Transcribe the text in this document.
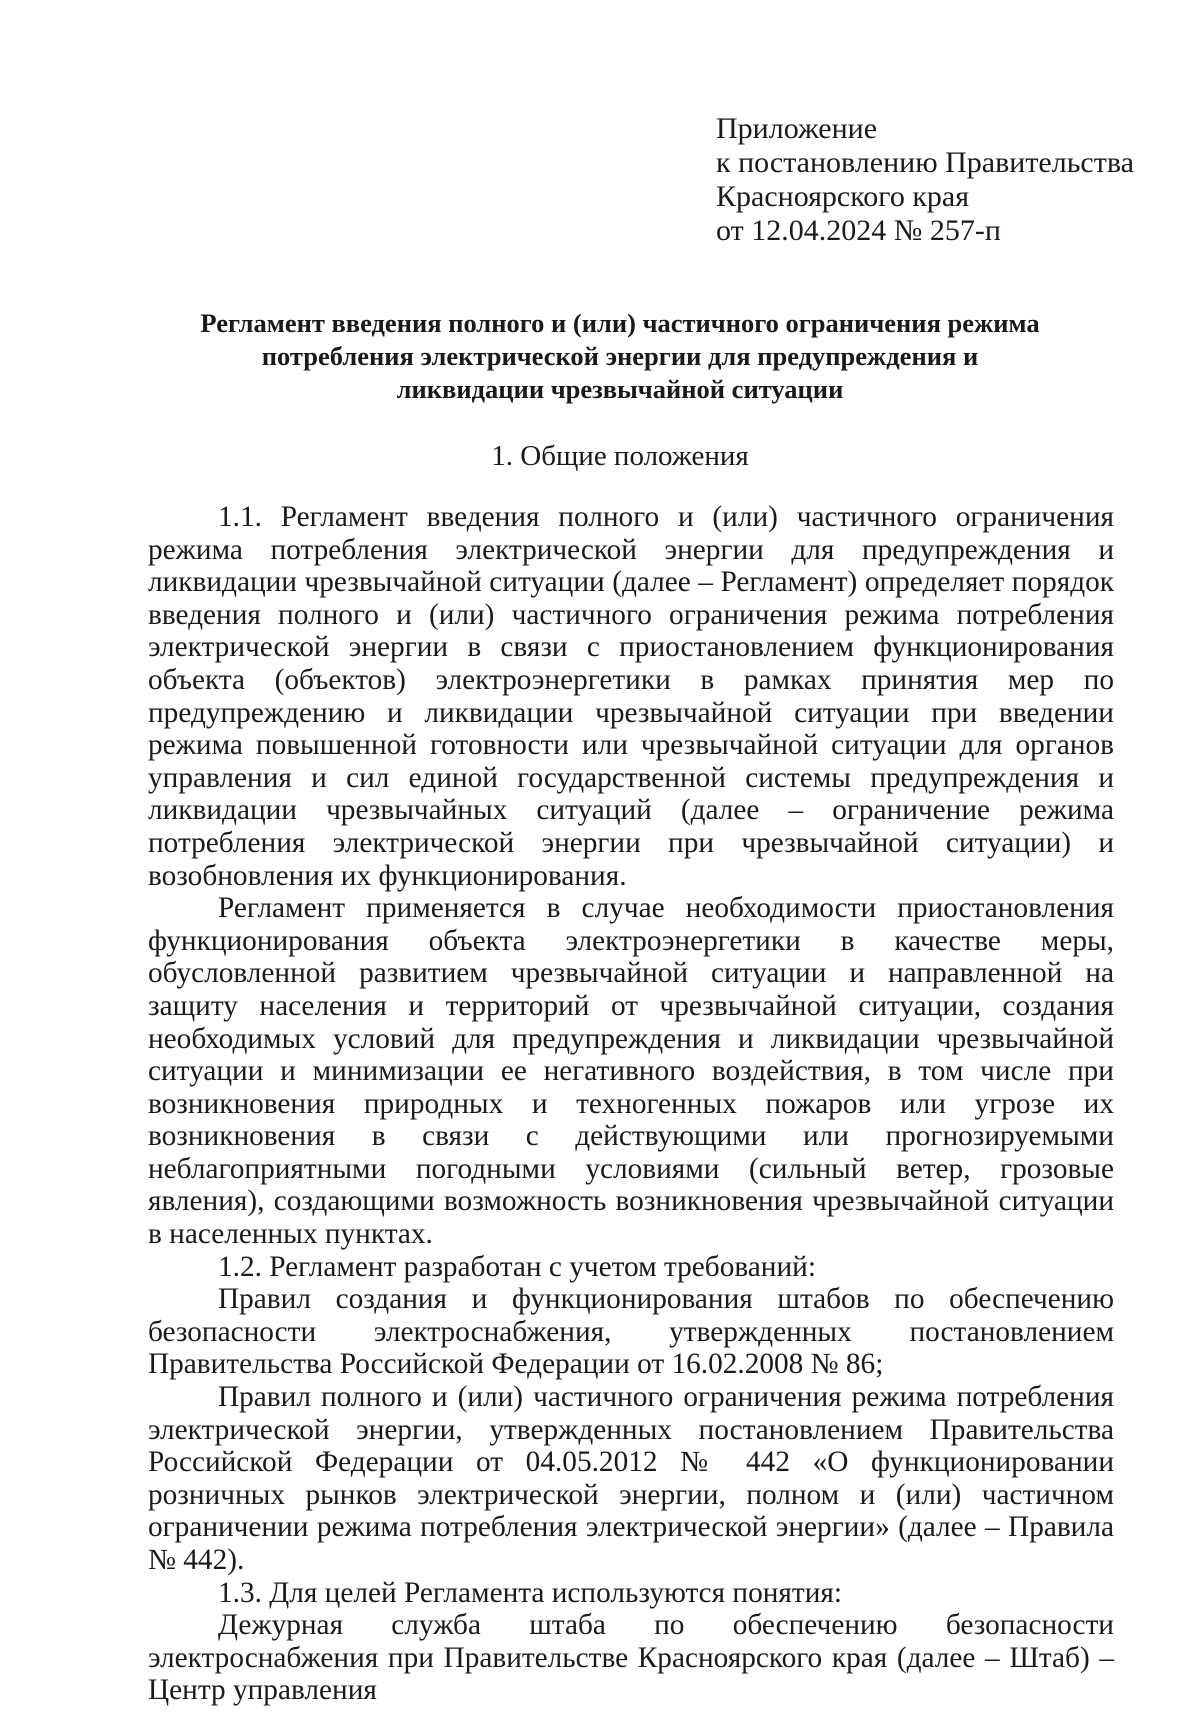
Приложение
к постановлению Правительства
Красноярского края
от 12.04.2024 № 257-п
Регламент введения полного и (или) частичного ограничения режима
потребления электрической энергии для предупреждения и
ликвидации чрезвычайной ситуации
1. Общие положения

1.1. Регламент введения полного и (или) частичного ограничения режима потребления электрической энергии для предупреждения и ликвидации чрезвычайной ситуации (далее – Регламент) определяет порядок введения полного и (или) частичного ограничения режима потребления электрической энергии в связи с приостановлением функционирования объекта (объектов) электроэнергетики в рамках принятия мер по предупреждению и ликвидации чрезвычайной ситуации при введении режима повышенной готовности или чрезвычайной ситуации для органов управления и сил единой государственной системы предупреждения и ликвидации чрезвычайных ситуаций (далее – ограничение режима потребления электрической энергии при чрезвычайной ситуации) и возобновления их функционирования.

Регламент применяется в случае необходимости приостановления функционирования объекта электроэнергетики в качестве меры, обусловленной развитием чрезвычайной ситуации и направленной на защиту населения и территорий от чрезвычайной ситуации, создания необходимых условий для предупреждения и ликвидации чрезвычайной ситуации и минимизации ее негативного воздействия, в том числе при возникновения природных и техногенных пожаров или угрозе их возникновения в связи с действующими или прогнозируемыми неблагоприятными погодными условиями (сильный ветер, грозовые явления), создающими возможность возникновения чрезвычайной ситуации в населенных пунктах.

1.2. Регламент разработан с учетом требований:

Правил создания и функционирования штабов по обеспечению безопасности электроснабжения, утвержденных постановлением Правительства Российской Федерации от 16.02.2008 № 86;

Правил полного и (или) частичного ограничения режима потребления электрической энергии, утвержденных постановлением Правительства Российской Федерации от 04.05.2012 № 442 «О функционировании розничных рынков электрической энергии, полном и (или) частичном ограничении режима потребления электрической энергии» (далее – Правила № 442).

1.3. Для целей Регламента используются понятия:

Дежурная служба штаба по обеспечению безопасности электроснабжения при Правительстве Красноярского края (далее – Штаб) – Центр управления
